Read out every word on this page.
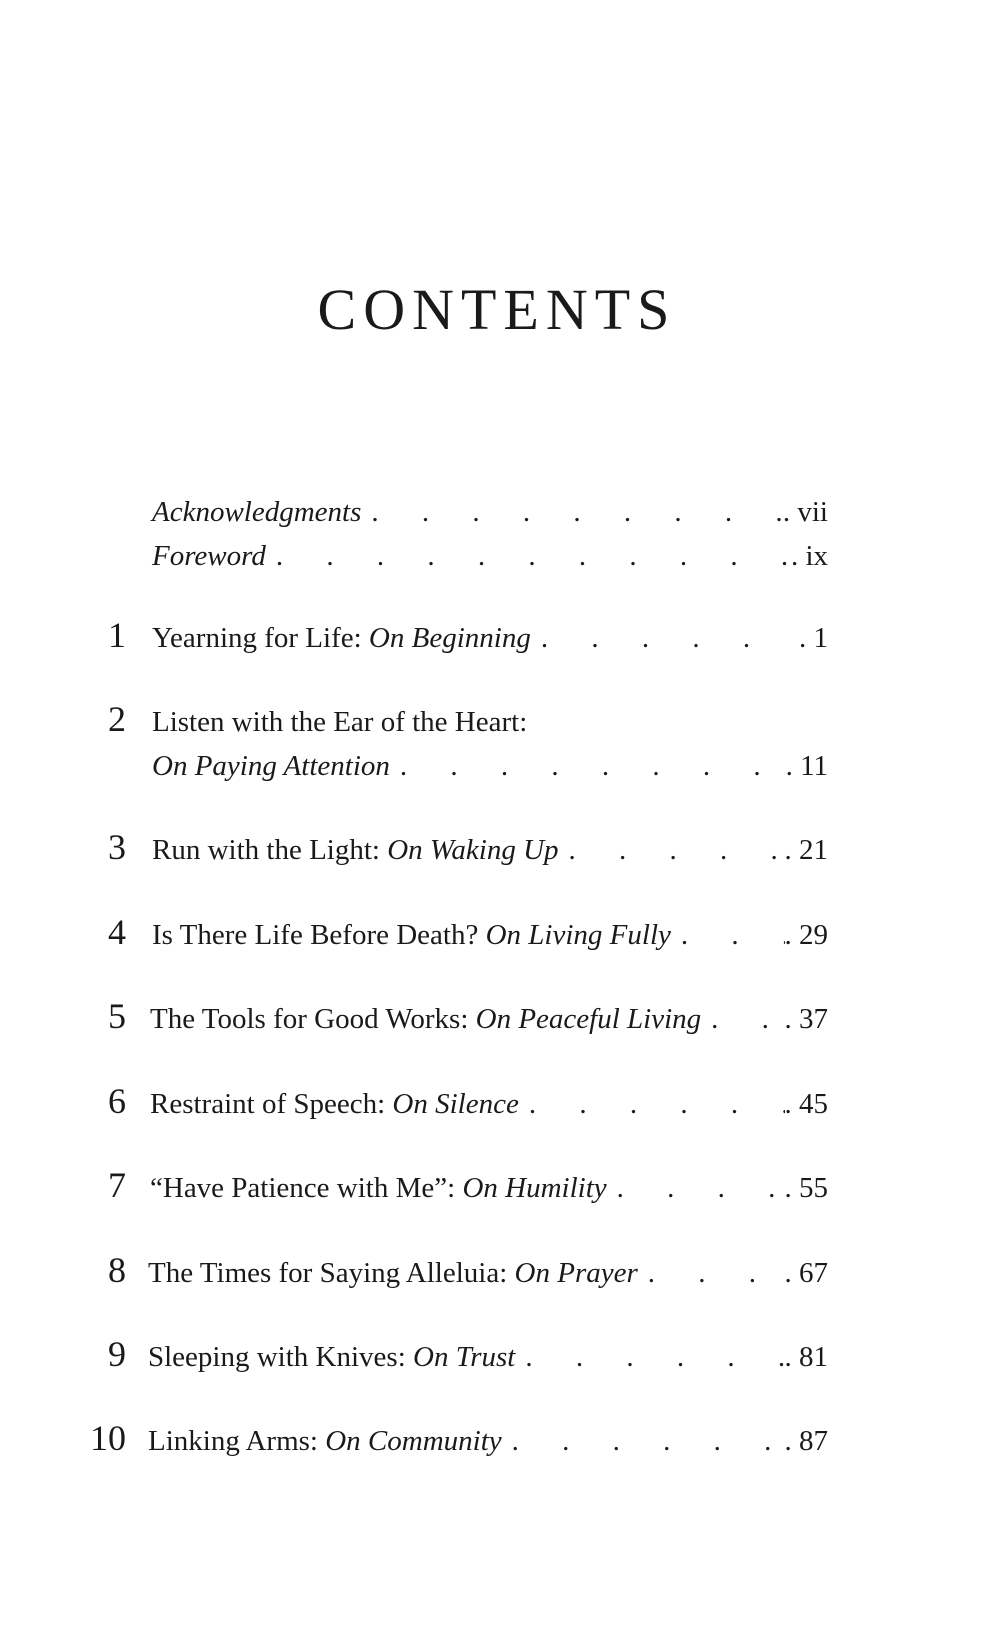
CONTENTS
Acknowledgments . . .	. vii
Foreword . . .	. ix
1 Yearning for Life: On Beginning . . .	. 1
2 Listen with the Ear of the Heart:
On Paying Attention . . .	. 11
3 Run with the Light: On Waking Up . . .	. 21
4 Is There Life Before Death? On Living Fully . . .	. 29
5 The Tools for Good Works: On Peaceful Living . . .	. 37
6 Restraint of Speech: On Silence . . .	. 45
7 “Have Patience with Me”: On Humility . . .	. 55
8 The Times for Saying Alleluia: On Prayer . . .	. 67
9 Sleeping with Knives: On Trust . . .	. 81
10 Linking Arms: On Community . . .	. 87
